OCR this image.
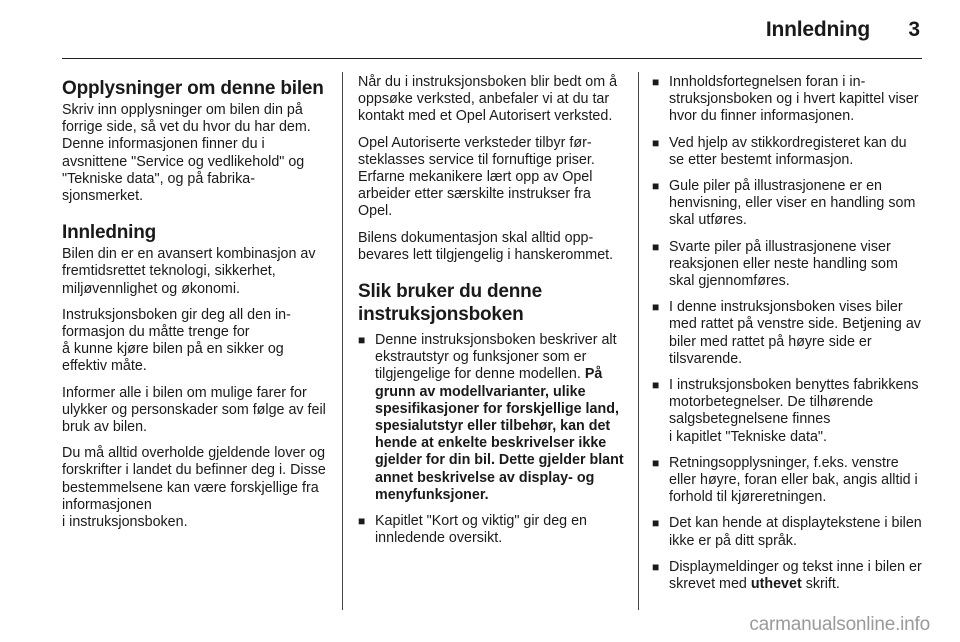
Innledning	3
Opplysninger om denne bilen

Skriv inn opplysninger om bilen din på forrige side, så vet du hvor du har dem. Denne informasjonen finner du i avsnittene "Service og vedlikehold" og "Tekniske data", og på fabrikasjonsmerket.

Innledning

Bilen din er en avansert kombinasjon av fremtidsrettet teknologi, sikkerhet, miljøvennlighet og økonomi.

Instruksjonsboken gir deg all den informasjon du måtte trenge for
å kunne kjøre bilen på en sikker og effektiv måte.

Informer alle i bilen om mulige farer for ulykker og personskader som følge av feil bruk av bilen.

Du må alltid overholde gjeldende lover og forskrifter i landet du befinner deg i. Disse bestemmelsene kan være forskjellige fra informasjonen
i instruksjonsboken.

Når du i instruksjonsboken blir bedt om å oppsøke verksted, anbefaler vi at du tar kontakt med et Opel Autorisert verksted.

Opel Autoriserte verksteder tilbyr førsteklasses service til fornuftige priser. Erfarne mekanikere lært opp av Opel arbeider etter særskilte instrukser fra Opel.

Bilens dokumentasjon skal alltid oppbevares lett tilgjengelig i hanskerommet.

Slik bruker du denne instruksjonsboken
■ Denne instruksjonsboken beskriver alt ekstrautstyr og funksjoner som er tilgjengelige for denne modellen. På grunn av modellvarianter, ulike spesifikasjoner for forskjellige land, spesialutstyr eller tilbehør, kan det hende at enkelte beskrivelser ikke gjelder for din bil. Dette gjelder blant annet beskrivelse av display- og menyfunksjoner.
■ Kapitlet "Kort og viktig" gir deg en innledende oversikt.
■ Innholdsfortegnelsen foran i instruksjonsboken og i hvert kapittel viser hvor du finner informasjonen.
■ Ved hjelp av stikkordregisteret kan du se etter bestemt informasjon.
■ Gule piler på illustrasjonene er en henvisning, eller viser en handling som skal utføres.
■ Svarte piler på illustrasjonene viser reaksjonen eller neste handling som skal gjennomføres.
■ I denne instruksjonsboken vises biler med rattet på venstre side. Betjening av biler med rattet på høyre side er tilsvarende.
■ I instruksjonsboken benyttes fabrikkens motorbetegnelser. De tilhørende salgsbetegnelsene finnes
i kapitlet "Tekniske data".
■ Retningsopplysninger, f.eks. venstre eller høyre, foran eller bak, angis alltid i forhold til kjøreretningen.
■ Det kan hende at displaytekstene i bilen ikke er på ditt språk.
■ Displaymeldinger og tekst inne i bilen er skrevet med uthevet skrift.
carmanualsonline.info
